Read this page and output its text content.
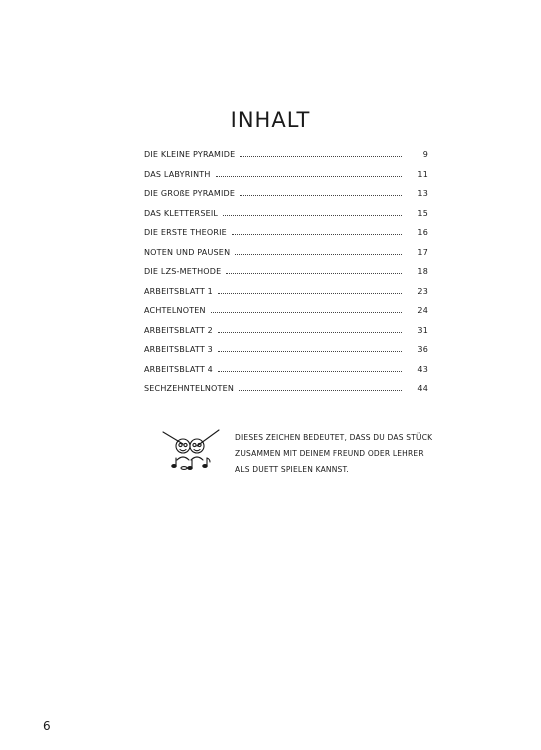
INHALT
DIE KLEINE PYRAMIDE	9
DAS LABYRINTH	11
DIE GROßE PYRAMIDE	13
DAS KLETTERSEIL	15
DIE ERSTE THEORIE	16
NOTEN UND PAUSEN	17
DIE LZS-METHODE	18
ARBEITSBLATT 1	23
ACHTELNOTEN	24
ARBEITSBLATT 2	31
ARBEITSBLATT 3	36
ARBEITSBLATT 4	43
SECHZEHNTELNOTEN	44
DIESES ZEICHEN BEDEUTET, DASS DU DAS STÜCK
ZUSAMMEN MIT DEINEM FREUND ODER LEHRER
ALS DUETT SPIELEN KANNST.
6
